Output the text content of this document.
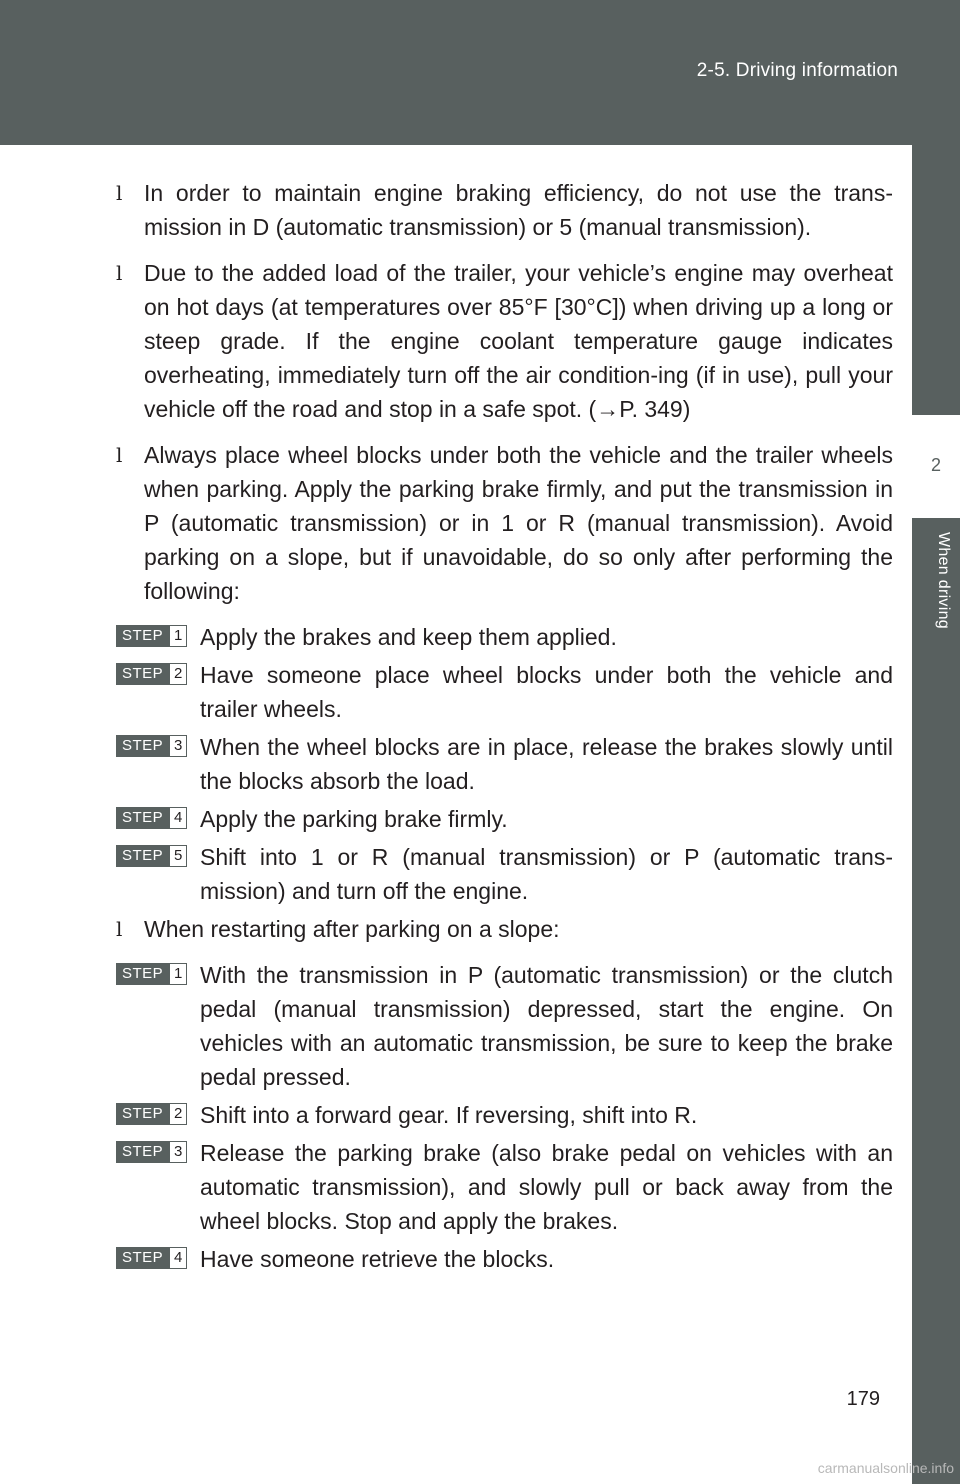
2-5. Driving information
2
When driving
l In order to maintain engine braking efficiency, do not use the trans-mission in D (automatic transmission) or 5 (manual transmission).
l Due to the added load of the trailer, your vehicle’s engine may overheat on hot days (at temperatures over 85°F [30°C]) when driving up a long or steep grade. If the engine coolant temperature gauge indicates overheating, immediately turn off the air condition-ing (if in use), pull your vehicle off the road and stop in a safe spot. (→P. 349)
l Always place wheel blocks under both the vehicle and the trailer wheels when parking. Apply the parking brake firmly, and put the transmission in P (automatic transmission) or in 1 or R (manual transmission). Avoid parking on a slope, but if unavoidable, do so only after performing the following:
STEP 1 Apply the brakes and keep them applied.
STEP 2 Have someone place wheel blocks under both the vehicle and trailer wheels.
STEP 3 When the wheel blocks are in place, release the brakes slowly until the blocks absorb the load.
STEP 4 Apply the parking brake firmly.
STEP 5 Shift into 1 or R (manual transmission) or P (automatic trans-mission) and turn off the engine.
l When restarting after parking on a slope:
STEP 1 With the transmission in P (automatic transmission) or the clutch pedal (manual transmission) depressed, start the engine. On vehicles with an automatic transmission, be sure to keep the brake pedal pressed.
STEP 2 Shift into a forward gear. If reversing, shift into R.
STEP 3 Release the parking brake (also brake pedal on vehicles with an automatic transmission), and slowly pull or back away from the wheel blocks. Stop and apply the brakes.
STEP 4 Have someone retrieve the blocks.
179
carmanualsonline.info
